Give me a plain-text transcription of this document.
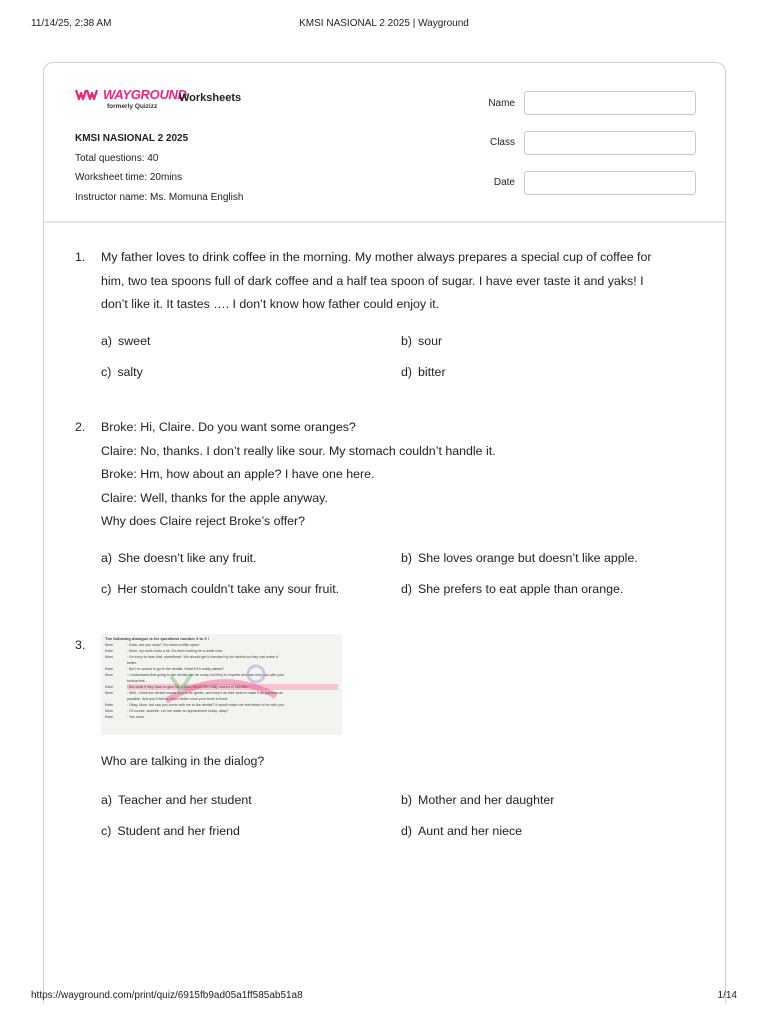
11/14/25, 2:38 AM	KMSI NASIONAL 2 2025 | Wayground
WAYGROUND
formerly Quizizz
Worksheets
KMSI NASIONAL 2 2025
Total questions: 40
Worksheet time: 20mins
Instructor name: Ms. Momuna English
Name
Class
Date
1. My father loves to drink coffee in the morning. My mother always prepares a special cup of coffee for
him, two tea spoons full of dark coffee and a half tea spoon of sugar. I have ever taste it and yaks! I
don’t like it. It tastes …. I don’t know how father could enjoy it.
a) sweet	b) sour
c) salty	d) bitter
2. Broke: Hi, Claire. Do you want some oranges?
Claire: No, thanks. I don’t really like sour. My stomach couldn’t handle it.
Broke: Hm, how about an apple? I have one here.
Claire: Well, thanks for the apple anyway.
Why does Claire reject Broke’s offer?
a) She doesn’t like any fruit.	b) She loves orange but doesn’t like apple.
c) Her stomach couldn’t take any sour fruit.	d) She prefers to eat apple than orange.
3.	The following dialogue is for questions number 3 to 5 !
Mom	: Ester, are you okay? You seem a little upset.
Ester	: Mom, my tooth hurts a lot. It's been hurting for a while now.
Mom	: I'm sorry to hear that, sweetheart. We should get it checked by the dentist so they can make it
better.
Ester	: But I'm scared to go to the dentist. What if it's really painful?
Mom	: I understand that going to the dentist can be scary, but they're experts who can help you with your
toothaches.
Ester	: But what if they have to give me a shot, Mom? I'm really scared of needles.
Mom	: Well, I think the dentist knows how to be gentle, and they'll do their best to make it as painless as
possible. And you'll feel so much better once your tooth is fixed.
Ester	: Okay, Mom, but can you come with me to the dentist? It would make me feel better to be with you.
Mom	: Of course, sweetie. Let me make an appointment today, okay?
Ester	: Yes mom.
Who are talking in the dialog?
a) Teacher and her student	b) Mother and her daughter
c) Student and her friend	d) Aunt and her niece
https://wayground.com/print/quiz/6915fb9ad05a1ff585ab51a8	1/14
